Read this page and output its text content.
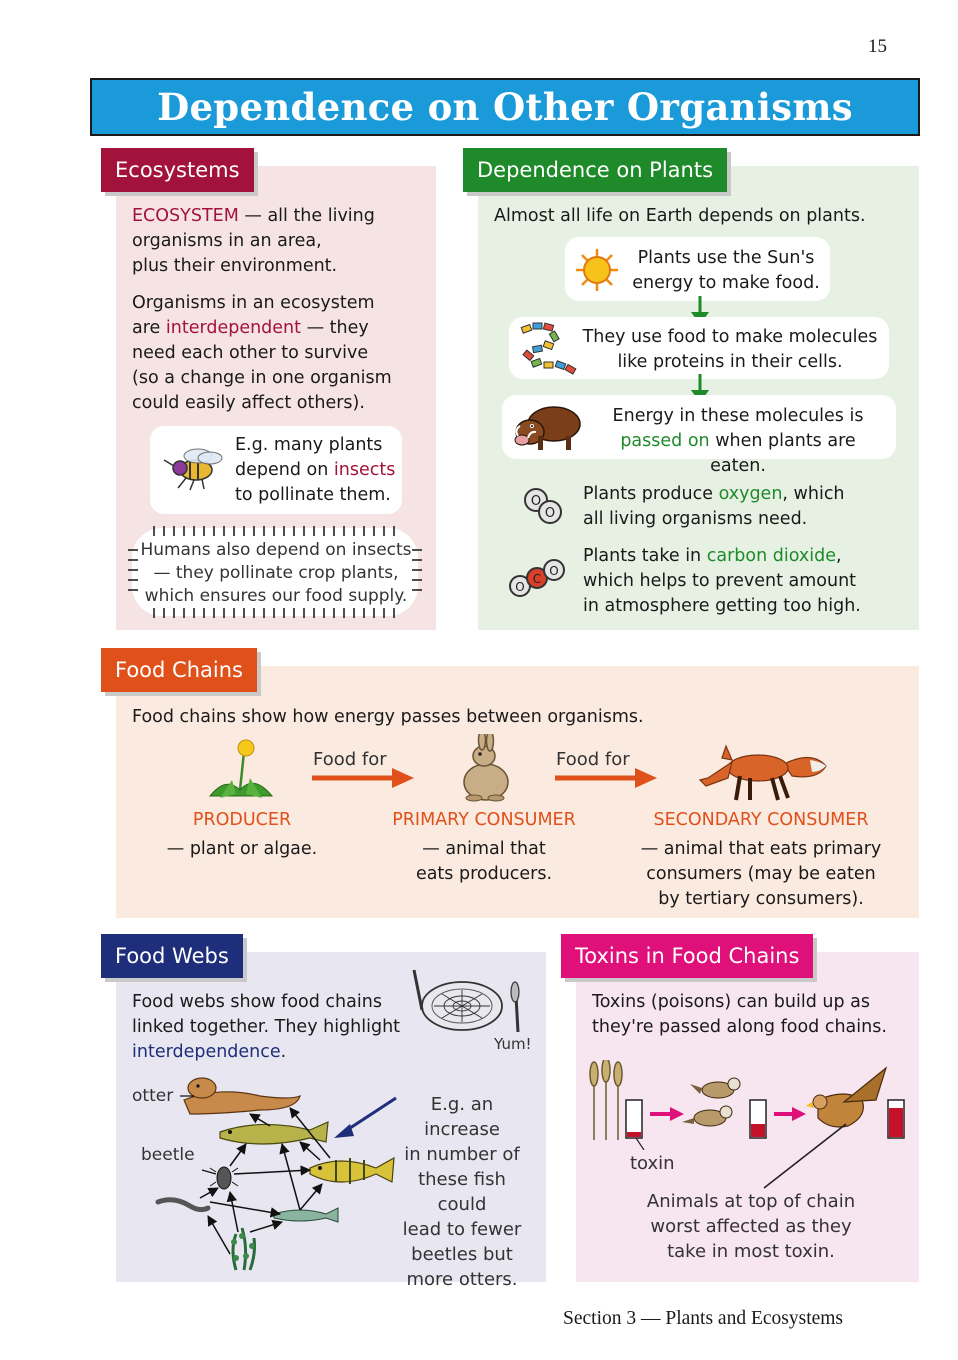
15
Dependence on Other Organisms
Ecosystems
ECOSYSTEM — all the living
organisms in an area,
plus their environment.
Organisms in an ecosystem
are interdependent — they
need each other to survive
(so a change in one organism
could easily affect others).
E.g. many plants
depend on insects
to pollinate them.
Humans also depend on insects
— they pollinate crop plants,
which ensures our food supply.
Dependence on Plants
Almost all life on Earth depends on plants.
Plants use the Sun's
energy to make food.
They use food to make molecules
like proteins in their cells.
Energy in these molecules is
passed on when plants are eaten.
O
O
Plants produce oxygen, which
all living organisms need.
O
C
O
Plants take in carbon dioxide,
which helps to prevent amount
in atmosphere getting too high.
Food Chains
Food chains show how energy passes between organisms.
Food for	Food for
PRODUCER
— plant or algae.
PRIMARY CONSUMER
— animal that
eats producers.
SECONDARY CONSUMER
— animal that eats primary
consumers (may be eaten
by tertiary consumers).
Food Webs
Food webs show food chains
linked together. They highlight
interdependence.	Yum!
otter
beetle
E.g. an increase
in number of
these fish could
lead to fewer
beetles but
more otters.
Toxins in Food Chains
Toxins (poisons) can build up as
they're passed along food chains.
toxin
Animals at top of chain
worst affected as they
take in most toxin.
Section 3 — Plants and Ecosystems
